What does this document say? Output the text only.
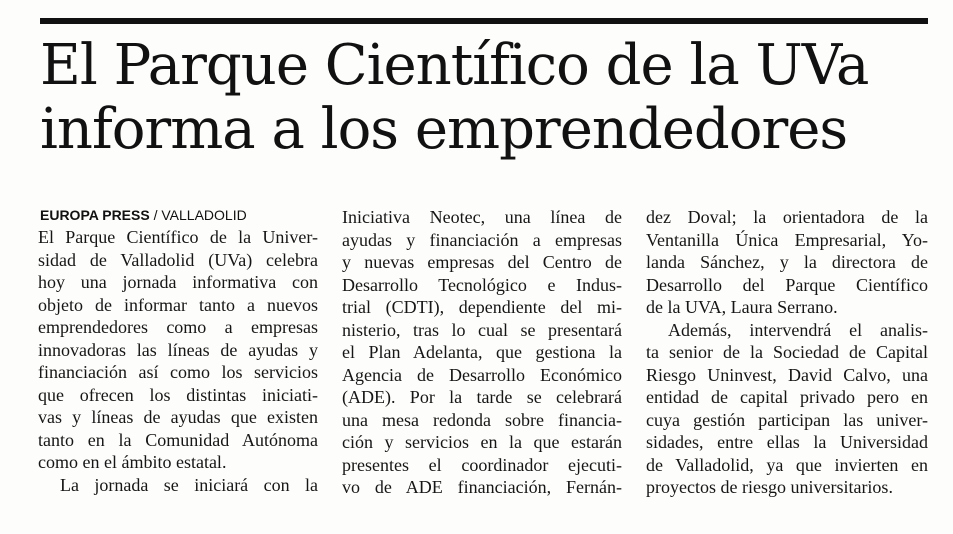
El Parque Científico de la UVa
informa a los emprendedores
EUROPA PRESS / VALLADOLID
El Parque Científico de la Univer-
sidad de Valladolid (UVa) celebra
hoy una jornada informativa con
objeto de informar tanto a nuevos
emprendedores como a empresas
innovadoras las líneas de ayudas y
financiación así como los servicios
que ofrecen los distintas iniciati-
vas y líneas de ayudas que existen
tanto en la Comunidad Autónoma
como en el ámbito estatal.
La jornada se iniciará con la
Iniciativa Neotec, una línea de
ayudas y financiación a empresas
y nuevas empresas del Centro de
Desarrollo Tecnológico e Indus-
trial (CDTI), dependiente del mi-
nisterio, tras lo cual se presentará
el Plan Adelanta, que gestiona la
Agencia de Desarrollo Económico
(ADE). Por la tarde se celebrará
una mesa redonda sobre financia-
ción y servicios en la que estarán
presentes el coordinador ejecuti-
vo de ADE financiación, Fernán-
dez Doval; la orientadora de la
Ventanilla Única Empresarial, Yo-
landa Sánchez, y la directora de
Desarrollo del Parque Científico
de la UVA, Laura Serrano.
Además, intervendrá el analis-
ta senior de la Sociedad de Capital
Riesgo Uninvest, David Calvo, una
entidad de capital privado pero en
cuya gestión participan las univer-
sidades, entre ellas la Universidad
de Valladolid, ya que invierten en
proyectos de riesgo universitarios.
